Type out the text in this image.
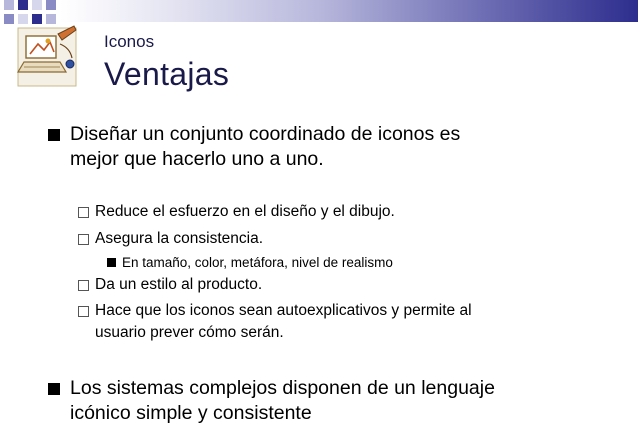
Iconos
Ventajas
Diseñar un conjunto coordinado de iconos es
mejor que hacerlo uno a uno.
Reduce el esfuerzo en el diseño y el dibujo.
Asegura la consistencia.
En tamaño, color, metáfora, nivel de realismo
Da un estilo al producto.
Hace que los iconos sean autoexplicativos y permite al
usuario prever cómo serán.
Los sistemas complejos disponen de un lenguaje
icónico simple y consistente
